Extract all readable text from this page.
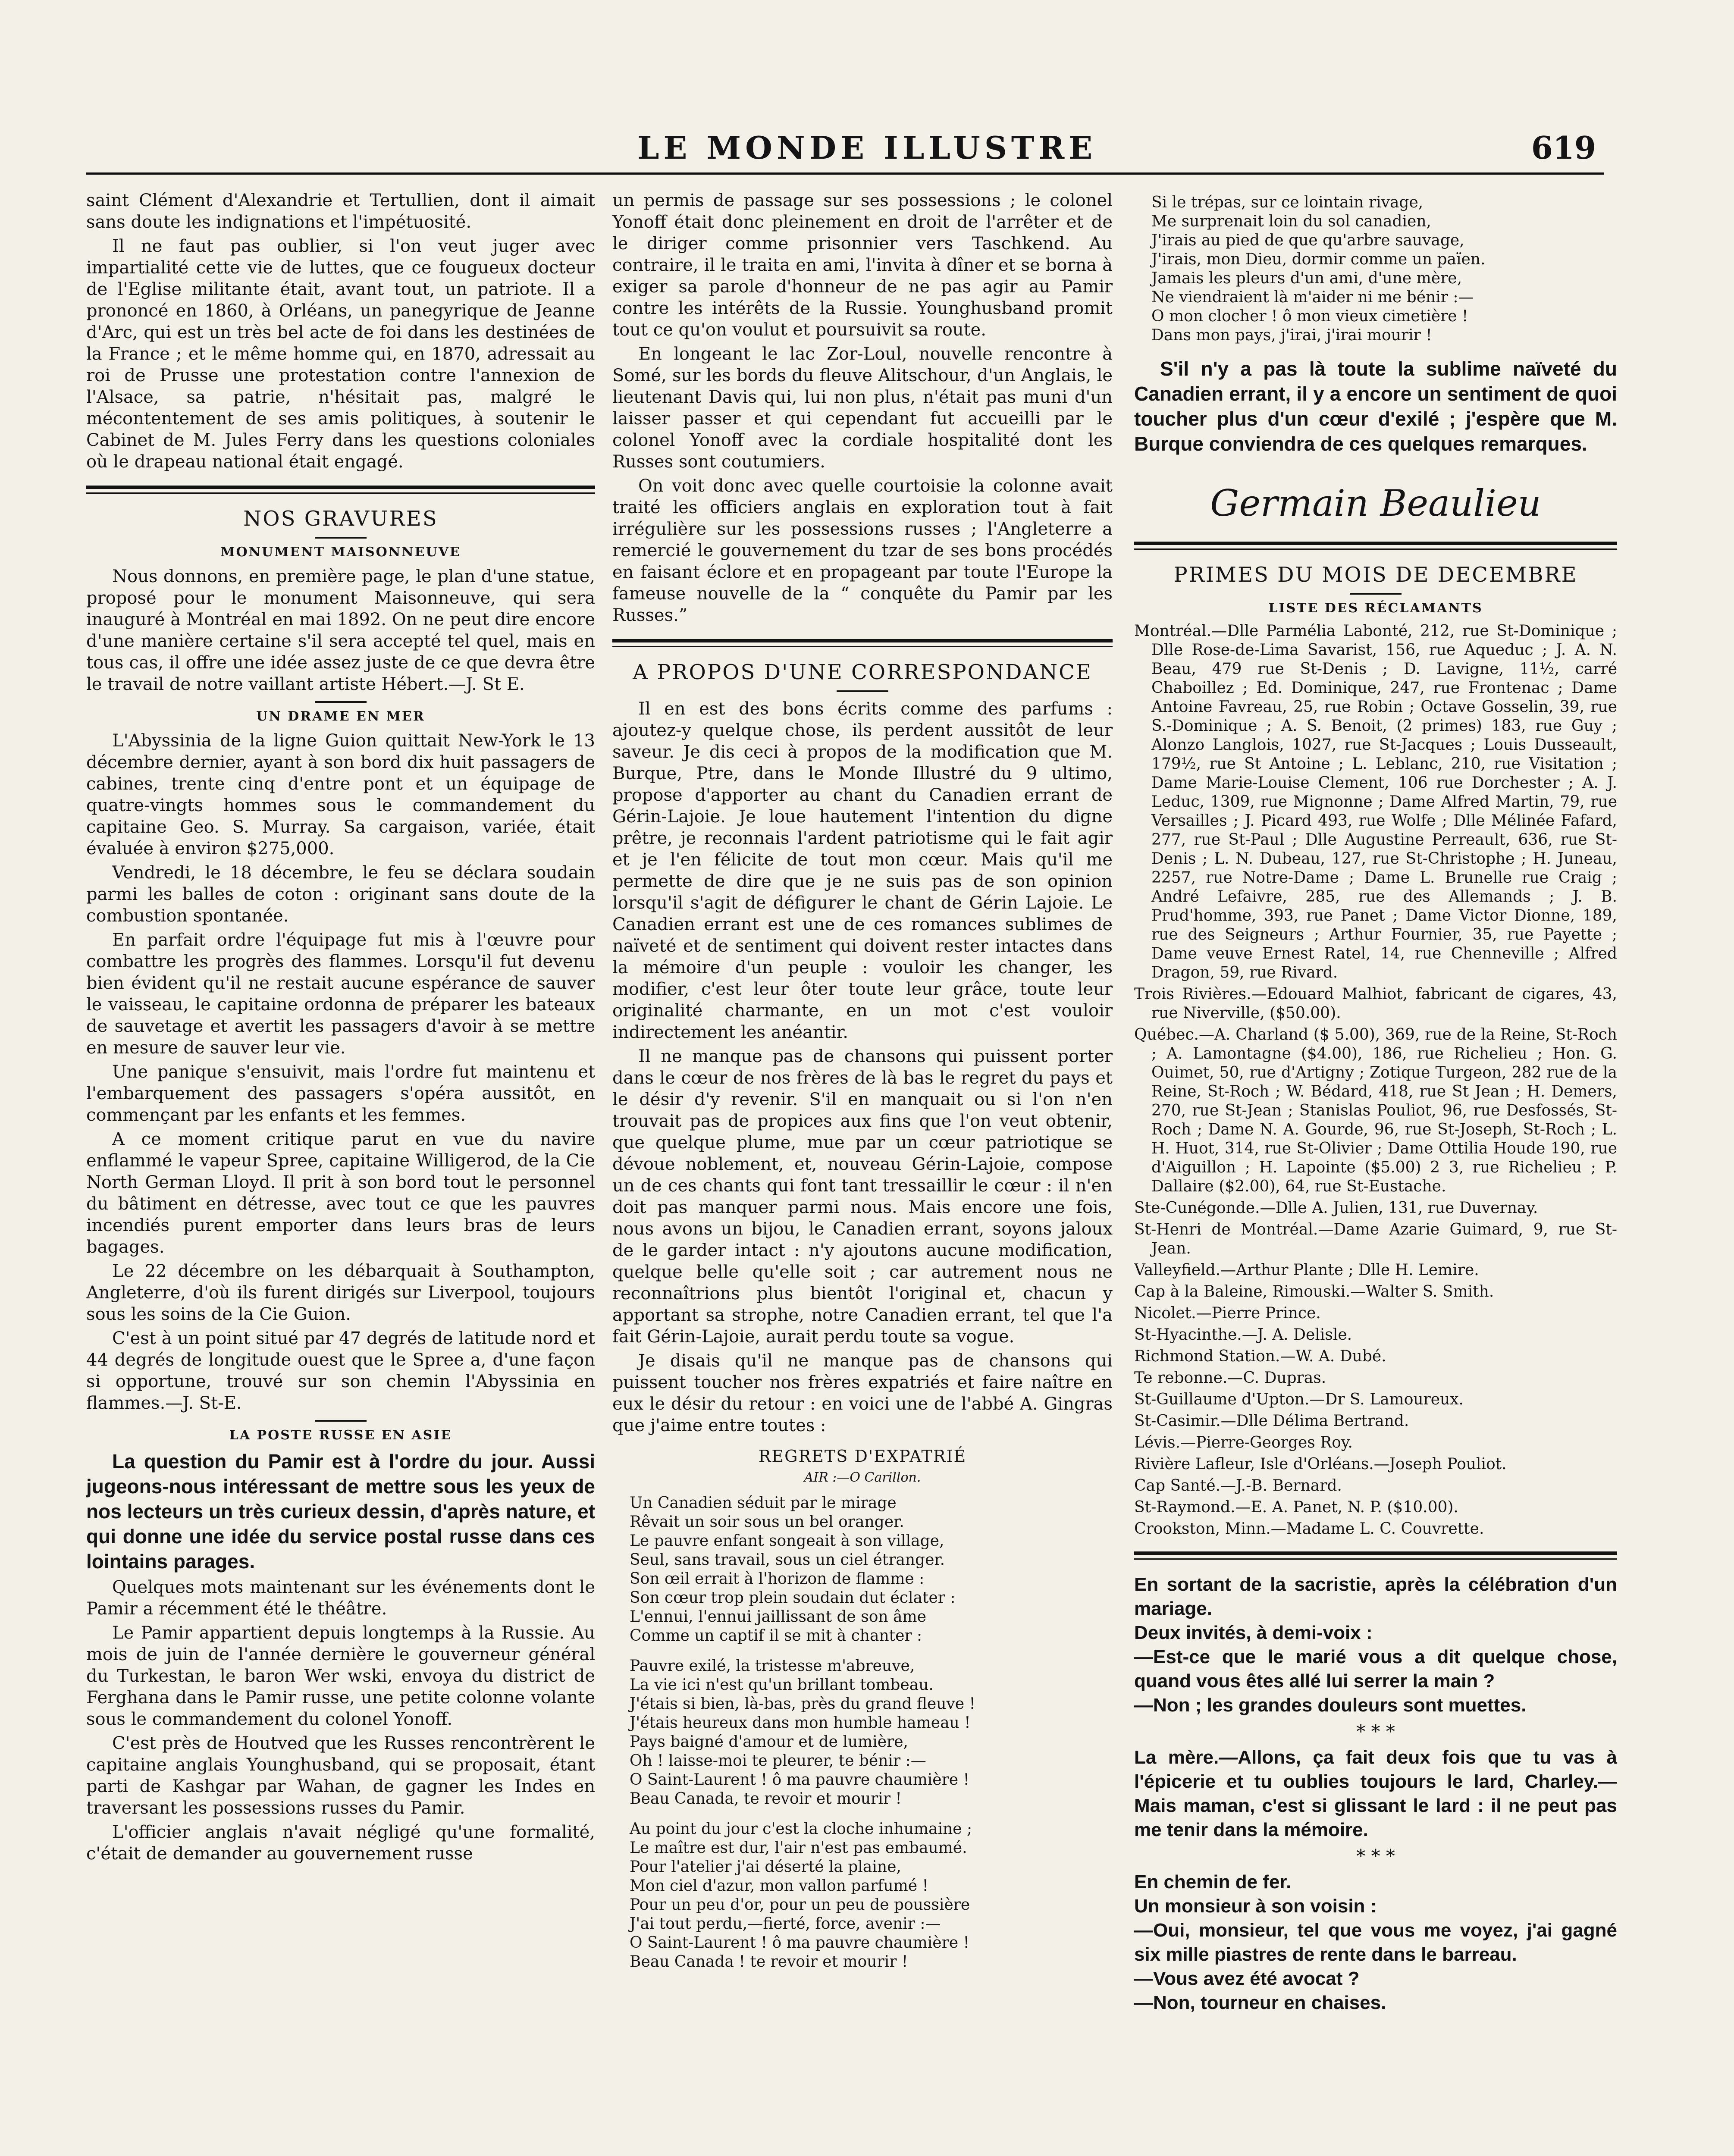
LE MONDE ILLUSTRE	619

saint Clément d'Alexandrie et Tertullien, dont il aimait sans doute les indignations et l'impétuosité.

Il ne faut pas oublier, si l'on veut juger avec impartialité cette vie de luttes, que ce fougueux docteur de l'Eglise militante était, avant tout, un patriote. Il a prononcé en 1860, à Orléans, un panegyrique de Jeanne d'Arc, qui est un très bel acte de foi dans les destinées de la France ; et le même homme qui, en 1870, adressait au roi de Prusse une protestation contre l'annexion de l'Alsace, sa patrie, n'hésitait pas, malgré le mécontentement de ses amis politiques, à soutenir le Cabinet de M. Jules Ferry dans les questions coloniales où le drapeau national était engagé.

NOS GRAVURES
MONUMENT MAISONNEUVE

Nous donnons, en première page, le plan d'une statue, proposé pour le monument Maisonneuve, qui sera inauguré à Montréal en mai 1892. On ne peut dire encore d'une manière certaine s'il sera accepté tel quel, mais en tous cas, il offre une idée assez juste de ce que devra être le travail de notre vaillant artiste Hébert.—J. St E.

UN DRAME EN MER

L'Abyssinia de la ligne Guion quittait New-York le 13 décembre dernier, ayant à son bord dix huit passagers de cabines, trente cinq d'entre pont et un équipage de quatre-vingts hommes sous le commandement du capitaine Geo. S. Murray. Sa cargaison, variée, était évaluée à environ $275,000.

Vendredi, le 18 décembre, le feu se déclara soudain parmi les balles de coton : originant sans doute de la combustion spontanée.

En parfait ordre l'équipage fut mis à l'œuvre pour combattre les progrès des flammes. Lorsqu'il fut devenu bien évident qu'il ne restait aucune espérance de sauver le vaisseau, le capitaine ordonna de préparer les bateaux de sauvetage et avertit les passagers d'avoir à se mettre en mesure de sauver leur vie.

Une panique s'ensuivit, mais l'ordre fut maintenu et l'embarquement des passagers s'opéra aussitôt, en commençant par les enfants et les femmes.

A ce moment critique parut en vue du navire enflammé le vapeur Spree, capitaine Willigerod, de la Cie North German Lloyd. Il prit à son bord tout le personnel du bâtiment en détresse, avec tout ce que les pauvres incendiés purent emporter dans leurs bras de leurs bagages.

Le 22 décembre on les débarquait à Southampton, Angleterre, d'où ils furent dirigés sur Liverpool, toujours sous les soins de la Cie Guion.

C'est à un point situé par 47 degrés de latitude nord et 44 degrés de longitude ouest que le Spree a, d'une façon si opportune, trouvé sur son chemin l'Abyssinia en flammes.—J. St-E.

LA POSTE RUSSE EN ASIE

La question du Pamir est à l'ordre du jour. Aussi jugeons-nous intéressant de mettre sous les yeux de nos lecteurs un très curieux dessin, d'après nature, et qui donne une idée du service postal russe dans ces lointains parages.

Quelques mots maintenant sur les événements dont le Pamir a récemment été le théâtre.

Le Pamir appartient depuis longtemps à la Russie. Au mois de juin de l'année dernière le gouverneur général du Turkestan, le baron Wer wski, envoya du district de Ferghana dans le Pamir russe, une petite colonne volante sous le commandement du colonel Yonoff.

C'est près de Houtved que les Russes rencontrèrent le capitaine anglais Younghusband, qui se proposait, étant parti de Kashgar par Wahan, de gagner les Indes en traversant les possessions russes du Pamir.

L'officier anglais n'avait négligé qu'une formalité, c'était de demander au gouvernement russe

un permis de passage sur ses possessions ; le colonel Yonoff était donc pleinement en droit de l'arrêter et de le diriger comme prisonnier vers Taschkend. Au contraire, il le traita en ami, l'invita à dîner et se borna à exiger sa parole d'honneur de ne pas agir au Pamir contre les intérêts de la Russie. Younghusband promit tout ce qu'on voulut et poursuivit sa route.

En longeant le lac Zor-Loul, nouvelle rencontre à Somé, sur les bords du fleuve Alitschour, d'un Anglais, le lieutenant Davis qui, lui non plus, n'était pas muni d'un laisser passer et qui cependant fut accueilli par le colonel Yonoff avec la cordiale hospitalité dont les Russes sont coutumiers.

On voit donc avec quelle courtoisie la colonne avait traité les officiers anglais en exploration tout à fait irrégulière sur les possessions russes ; l'Angleterre a remercié le gouvernement du tzar de ses bons procédés en faisant éclore et en propageant par toute l'Europe la fameuse nouvelle de la “ conquête du Pamir par les Russes.”

A PROPOS D'UNE CORRESPONDANCE

Il en est des bons écrits comme des parfums : ajoutez-y quelque chose, ils perdent aussitôt de leur saveur. Je dis ceci à propos de la modification que M. Burque, Ptre, dans le Monde Illustré du 9 ultimo, propose d'apporter au chant du Canadien errant de Gérin-Lajoie. Je loue hautement l'intention du digne prêtre, je reconnais l'ardent patriotisme qui le fait agir et je l'en félicite de tout mon cœur. Mais qu'il me permette de dire que je ne suis pas de son opinion lorsqu'il s'agit de défigurer le chant de Gérin Lajoie. Le Canadien errant est une de ces romances sublimes de naïveté et de sentiment qui doivent rester intactes dans la mémoire d'un peuple : vouloir les changer, les modifier, c'est leur ôter toute leur grâce, toute leur originalité charmante, en un mot c'est vouloir indirectement les anéantir.

Il ne manque pas de chansons qui puissent porter dans le cœur de nos frères de là bas le regret du pays et le désir d'y revenir. S'il en manquait ou si l'on n'en trouvait pas de propices aux fins que l'on veut obtenir, que quelque plume, mue par un cœur patriotique se dévoue noblement, et, nouveau Gérin-Lajoie, compose un de ces chants qui font tant tressaillir le cœur : il n'en doit pas manquer parmi nous. Mais encore une fois, nous avons un bijou, le Canadien errant, soyons jaloux de le garder intact : n'y ajoutons aucune modification, quelque belle qu'elle soit ; car autrement nous ne reconnaîtrions plus bientôt l'original et, chacun y apportant sa strophe, notre Canadien errant, tel que l'a fait Gérin-Lajoie, aurait perdu toute sa vogue.

Je disais qu'il ne manque pas de chansons qui puissent toucher nos frères expatriés et faire naître en eux le désir du retour : en voici une de l'abbé A. Gingras que j'aime entre toutes :

REGRETS D'EXPATRIÉ
AIR :—O Carillon.

Un Canadien séduit par le mirage

Rêvait un soir sous un bel oranger.

Le pauvre enfant songeait à son village,

Seul, sans travail, sous un ciel étranger.

Son œil errait à l'horizon de flamme :

Son cœur trop plein soudain dut éclater :

L'ennui, l'ennui jaillissant de son âme

Comme un captif il se mit à chanter :

Pauvre exilé, la tristesse m'abreuve,

La vie ici n'est qu'un brillant tombeau.

J'étais si bien, là-bas, près du grand fleuve !

J'étais heureux dans mon humble hameau !

Pays baigné d'amour et de lumière,

Oh ! laisse-moi te pleurer, te bénir :—

O Saint-Laurent ! ô ma pauvre chaumière !

Beau Canada, te revoir et mourir !

Au point du jour c'est la cloche inhumaine ;

Le maître est dur, l'air n'est pas embaumé.

Pour l'atelier j'ai déserté la plaine,

Mon ciel d'azur, mon vallon parfumé !

Pour un peu d'or, pour un peu de poussière

J'ai tout perdu,—fierté, force, avenir :—

O Saint-Laurent ! ô ma pauvre chaumière !

Beau Canada ! te revoir et mourir !

Si le trépas, sur ce lointain rivage,

Me surprenait loin du sol canadien,

J'irais au pied de que qu'arbre sauvage,

J'irais, mon Dieu, dormir comme un païen.

Jamais les pleurs d'un ami, d'une mère,

Ne viendraient là m'aider ni me bénir :—

O mon clocher ! ô mon vieux cimetière !

Dans mon pays, j'irai, j'irai mourir !

S'il n'y a pas là toute la sublime naïveté du Canadien errant, il y a encore un sentiment de quoi toucher plus d'un cœur d'exilé ; j'espère que M. Burque conviendra de ces quelques remarques.

Germain Beaulieu
PRIMES DU MOIS DE DECEMBRE
LISTE DES RÉCLAMANTS

Montréal.—Dlle Parmélia Labonté, 212, rue St-Dominique ; Dlle Rose-de-Lima Savarist, 156, rue Aqueduc ; J. A. N. Beau, 479 rue St-Denis ; D. Lavigne, 11½, carré Chaboillez ; Ed. Dominique, 247, rue Frontenac ; Dame Antoine Favreau, 25, rue Robin ; Octave Gosselin, 39, rue S.-Dominique ; A. S. Benoit, (2 primes) 183, rue Guy ; Alonzo Langlois, 1027, rue St-Jacques ; Louis Dusseault, 179½, rue St Antoine ; L. Leblanc, 210, rue Visitation ; Dame Marie-Louise Clement, 106 rue Dorchester ; A. J. Leduc, 1309, rue Mignonne ; Dame Alfred Martin, 79, rue Versailles ; J. Picard 493, rue Wolfe ; Dlle Mélinée Fafard, 277, rue St-Paul ; Dlle Augustine Perreault, 636, rue St-Denis ; L. N. Dubeau, 127, rue St-Christophe ; H. Juneau, 2257, rue Notre-Dame ; Dame L. Brunelle rue Craig ; André Lefaivre, 285, rue des Allemands ; J. B. Prud'homme, 393, rue Panet ; Dame Victor Dionne, 189, rue des Seigneurs ; Arthur Fournier, 35, rue Payette ; Dame veuve Ernest Ratel, 14, rue Chenneville ; Alfred Dragon, 59, rue Rivard.

Trois Rivières.—Edouard Malhiot, fabricant de cigares, 43, rue Niverville, ($50.00).

Québec.—A. Charland ($ 5.00), 369, rue de la Reine, St-Roch ; A. Lamontagne ($4.00), 186, rue Richelieu ; Hon. G. Ouimet, 50, rue d'Artigny ; Zotique Turgeon, 282 rue de la Reine, St-Roch ; W. Bédard, 418, rue St Jean ; H. Demers, 270, rue St-Jean ; Stanislas Pouliot, 96, rue Desfossés, St-Roch ; Dame N. A. Gourde, 96, rue St-Joseph, St-Roch ; L. H. Huot, 314, rue St-Olivier ; Dame Ottilia Houde 190, rue d'Aiguillon ; H. Lapointe ($5.00) 2 3, rue Richelieu ; P. Dallaire ($2.00), 64, rue St-Eustache.

Ste-Cunégonde.—Dlle A. Julien, 131, rue Duvernay.

St-Henri de Montréal.—Dame Azarie Guimard, 9, rue St-Jean.

Valleyfield.—Arthur Plante ; Dlle H. Lemire.

Cap à la Baleine, Rimouski.—Walter S. Smith.

Nicolet.—Pierre Prince.

St-Hyacinthe.—J. A. Delisle.

Richmond Station.—W. A. Dubé.

Te rebonne.—C. Dupras.

St-Guillaume d'Upton.—Dr S. Lamoureux.

St-Casimir.—Dlle Délima Bertrand.

Lévis.—Pierre-Georges Roy.

Rivière Lafleur, Isle d'Orléans.—Joseph Pouliot.

Cap Santé.—J.-B. Bernard.

St-Raymond.—E. A. Panet, N. P. ($10.00).

Crookston, Minn.—Madame L. C. Couvrette.

En sortant de la sacristie, après la célébration d'un mariage.

Deux invités, à demi-voix :

—Est-ce que le marié vous a dit quelque chose, quand vous êtes allé lui serrer la main ?

—Non ; les grandes douleurs sont muettes.

* * *

La mère.—Allons, ça fait deux fois que tu vas à l'épicerie et tu oublies toujours le lard, Charley.—Mais maman, c'est si glissant le lard : il ne peut pas me tenir dans la mémoire.

* * *

En chemin de fer.

Un monsieur à son voisin :

—Oui, monsieur, tel que vous me voyez, j'ai gagné six mille piastres de rente dans le barreau.

—Vous avez été avocat ?

—Non, tourneur en chaises.
